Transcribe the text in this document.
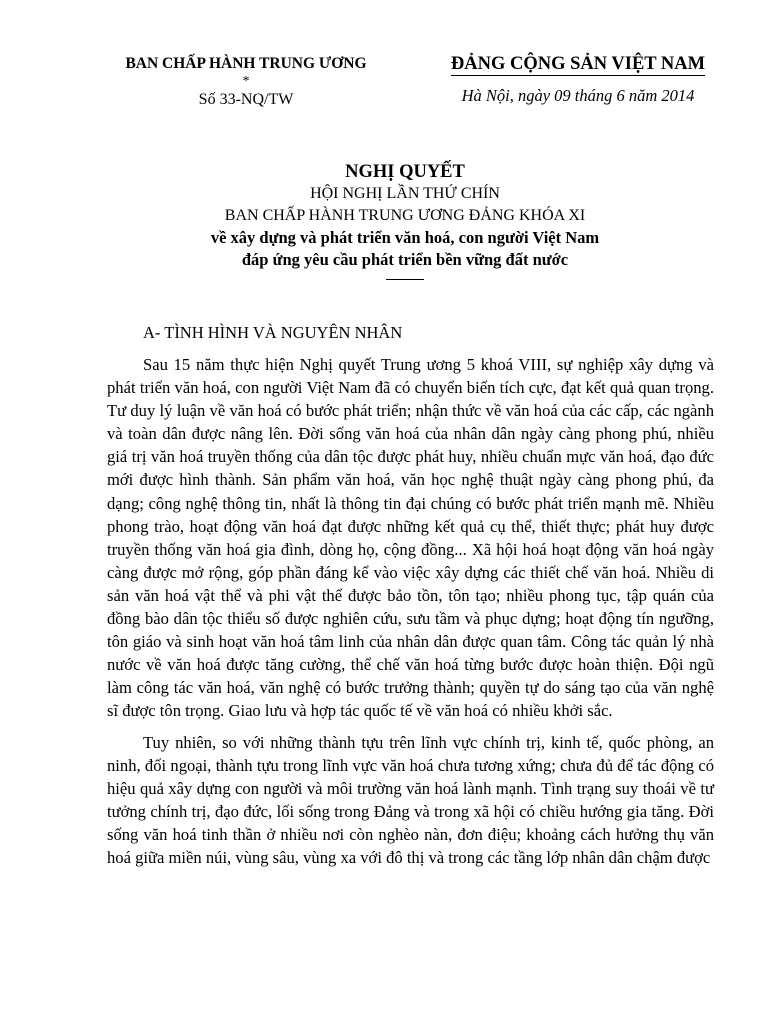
BAN CHẤP HÀNH TRUNG ƯƠNG
*
Số 33-NQ/TW
ĐẢNG CỘNG SẢN VIỆT NAM
Hà Nội, ngày 09 tháng 6 năm 2014
NGHỊ QUYẾT
HỘI NGHỊ LẦN THỨ CHÍN
BAN CHẤP HÀNH TRUNG ƯƠNG ĐẢNG KHÓA XI
về xây dựng và phát triển văn hoá, con người Việt Nam
đáp ứng yêu cầu phát triển bền vững đất nước
A- TÌNH HÌNH VÀ NGUYÊN NHÂN

Sau 15 năm thực hiện Nghị quyết Trung ương 5 khoá VIII, sự nghiệp xây dựng và phát triển văn hoá, con người Việt Nam đã có chuyển biến tích cực, đạt kết quả quan trọng. Tư duy lý luận về văn hoá có bước phát triển; nhận thức về văn hoá của các cấp, các ngành và toàn dân được nâng lên. Đời sống văn hoá của nhân dân ngày càng phong phú, nhiều giá trị văn hoá truyền thống của dân tộc được phát huy, nhiều chuẩn mực văn hoá, đạo đức mới được hình thành. Sản phẩm văn hoá, văn học nghệ thuật ngày càng phong phú, đa dạng; công nghệ thông tin, nhất là thông tin đại chúng có bước phát triển mạnh mẽ. Nhiều phong trào, hoạt động văn hoá đạt được những kết quả cụ thể, thiết thực; phát huy được truyền thống văn hoá gia đình, dòng họ, cộng đồng... Xã hội hoá hoạt động văn hoá ngày càng được mở rộng, góp phần đáng kể vào việc xây dựng các thiết chế văn hoá. Nhiều di sản văn hoá vật thể và phi vật thể được bảo tồn, tôn tạo; nhiều phong tục, tập quán của đồng bào dân tộc thiểu số được nghiên cứu, sưu tầm và phục dựng; hoạt động tín ngưỡng, tôn giáo và sinh hoạt văn hoá tâm linh của nhân dân được quan tâm. Công tác quản lý nhà nước về văn hoá được tăng cường, thể chế văn hoá từng bước được hoàn thiện. Đội ngũ làm công tác văn hoá, văn nghệ có bước trưởng thành; quyền tự do sáng tạo của văn nghệ sĩ được tôn trọng. Giao lưu và hợp tác quốc tế về văn hoá có nhiều khởi sắc.

Tuy nhiên, so với những thành tựu trên lĩnh vực chính trị, kinh tế, quốc phòng, an ninh, đối ngoại, thành tựu trong lĩnh vực văn hoá chưa tương xứng; chưa đủ để tác động có hiệu quả xây dựng con người và môi trường văn hoá lành mạnh. Tình trạng suy thoái về tư tưởng chính trị, đạo đức, lối sống trong Đảng và trong xã hội có chiều hướng gia tăng. Đời sống văn hoá tinh thần ở nhiều nơi còn nghèo nàn, đơn điệu; khoảng cách hưởng thụ văn hoá giữa miền núi, vùng sâu, vùng xa với đô thị và trong các tầng lớp nhân dân chậm được
